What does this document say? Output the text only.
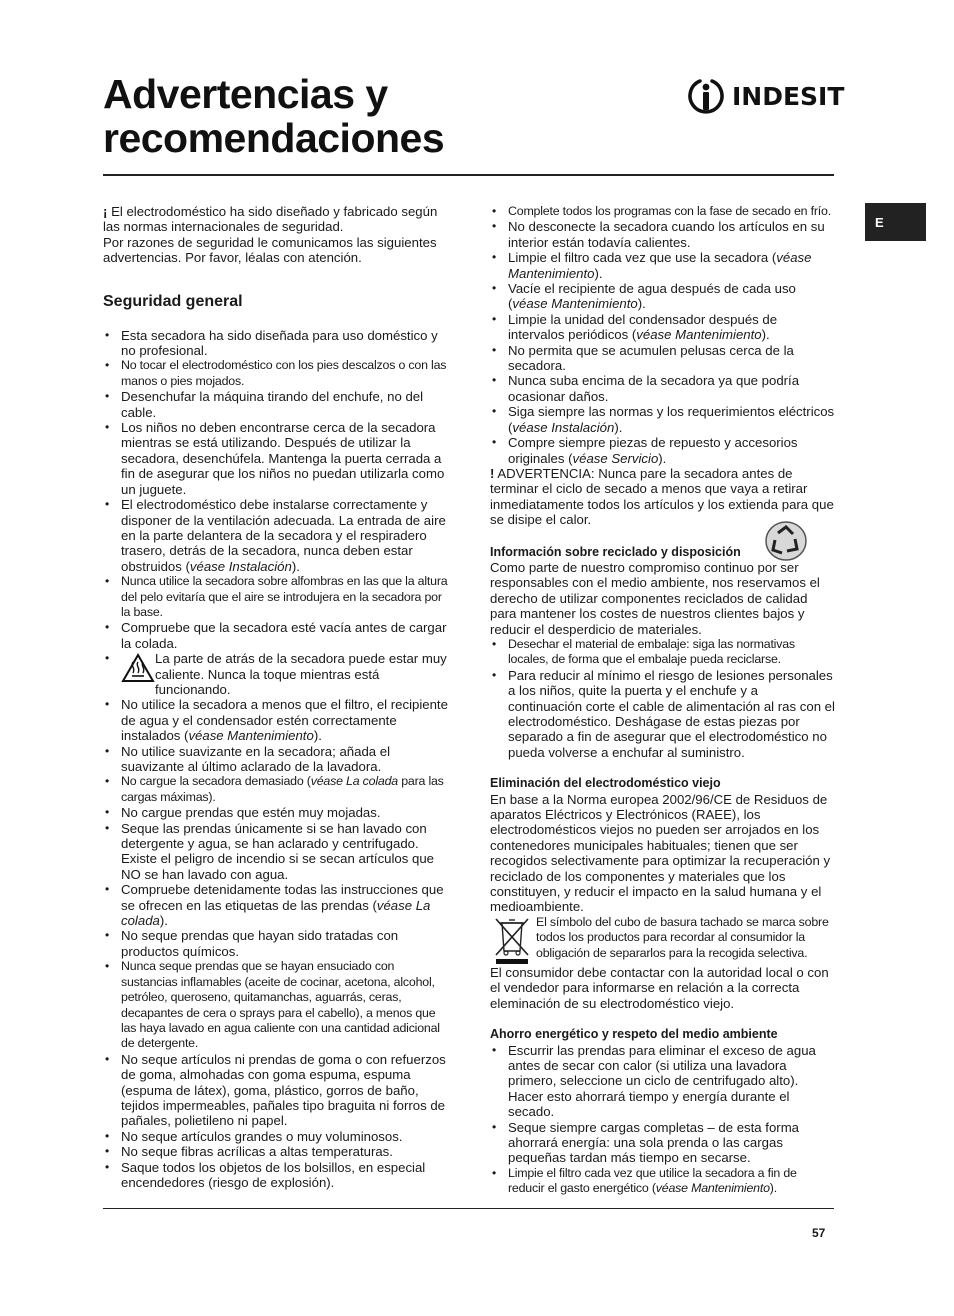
Advertencias y
recomendaciones
INDESIT
E

¡ El electrodoméstico ha sido diseñado y fabricado según las normas internacionales de seguridad.

Por razones de seguridad le comunicamos las siguientes advertencias. Por favor, léalas con atención.

Seguridad general
• Esta secadora ha sido diseñada para uso doméstico y no profesional.
• No tocar el electrodoméstico con los pies descalzos o con las manos o pies mojados.
• Desenchufar la máquina tirando del enchufe, no del cable.
• Los niños no deben encontrarse cerca de la secadora mientras se está utilizando. Después de utilizar la secadora, desenchúfela. Mantenga la puerta cerrada a fin de asegurar que los niños no puedan utilizarla como un juguete.
• El electrodoméstico debe instalarse correctamente y disponer de la ventilación adecuada. La entrada de aire en la parte delantera de la secadora y el respiradero trasero, detrás de la secadora, nunca deben estar obstruidos (véase Instalación).
• Nunca utilice la secadora sobre alfombras en las que la altura del pelo evitaría que el aire se introdujera en la secadora por la base.
• Compruebe que la secadora esté vacía antes de cargar la colada.
• La parte de atrás de la secadora puede estar muy caliente. Nunca la toque mientras está funcionando.
• No utilice la secadora a menos que el filtro, el recipiente de agua y el condensador estén correctamente instalados (véase Mantenimiento).
• No utilice suavizante en la secadora; añada el suavizante al último aclarado de la lavadora.
• No cargue la secadora demasiado (véase La colada para las cargas máximas).
• No cargue prendas que estén muy mojadas.
• Seque las prendas únicamente si se han lavado con detergente y agua, se han aclarado y centrifugado. Existe el peligro de incendio si se secan artículos que NO se han lavado con agua.
• Compruebe detenidamente todas las instrucciones que se ofrecen en las etiquetas de las prendas (véase La colada).
• No seque prendas que hayan sido tratadas con productos químicos.
• Nunca seque prendas que se hayan ensuciado con sustancias inflamables (aceite de cocinar, acetona, alcohol, petróleo, queroseno, quitamanchas, aguarrás, ceras, decapantes de cera o sprays para el cabello), a menos que las haya lavado en agua caliente con una cantidad adicional de detergente.
• No seque artículos ni prendas de goma o con refuerzos de goma, almohadas con goma espuma, espuma (espuma de látex), goma, plástico, gorros de baño, tejidos impermeables, pañales tipo braguita ni forros de pañales, polietileno ni papel.
• No seque artículos grandes o muy voluminosos.
• No seque fibras acrílicas a altas temperaturas.
• Saque todos los objetos de los bolsillos, en especial encendedores (riesgo de explosión).
• Complete todos los programas con la fase de secado en frío.
• No desconecte la secadora cuando los artículos en su interior están todavía calientes.
• Limpie el filtro cada vez que use la secadora (véase Mantenimiento).
• Vacíe el recipiente de agua después de cada uso (véase Mantenimiento).
• Limpie la unidad del condensador después de intervalos periódicos (véase Mantenimiento).
• No permita que se acumulen pelusas cerca de la secadora.
• Nunca suba encima de la secadora ya que podría ocasionar daños.
• Siga siempre las normas y los requerimientos eléctricos (véase Instalación).
• Compre siempre piezas de repuesto y accesorios originales (véase Servicio).

! ADVERTENCIA: Nunca pare la secadora antes de terminar el ciclo de secado a menos que vaya a retirar inmediatamente todos los artículos y los extienda para que se disipe el calor.

Información sobre reciclado y disposición

Como parte de nuestro compromiso continuo por ser responsables con el medio ambiente, nos reservamos el derecho de utilizar componentes reciclados de calidad para mantener los costes de nuestros clientes bajos y reducir el desperdicio de materiales.

• Desechar el material de embalaje: siga las normativas locales, de forma que el embalaje pueda reciclarse.
• Para reducir al mínimo el riesgo de lesiones personales a los niños, quite la puerta y el enchufe y a continuación corte el cable de alimentación al ras con el electrodoméstico. Deshágase de estas piezas por separado a fin de asegurar que el electrodoméstico no pueda volverse a enchufar al suministro.
Eliminación del electrodoméstico viejo

En base a la Norma europea 2002/96/CE de Residuos de aparatos Eléctricos y Electrónicos (RAEE), los electrodomésticos viejos no pueden ser arrojados en los contenedores municipales habituales; tienen que ser recogidos selectivamente para optimizar la recuperación y reciclado de los componentes y materiales que los constituyen, y reducir el impacto en la salud humana y el medioambiente.

El símbolo del cubo de basura tachado se marca sobre todos los productos para recordar al consumidor la obligación de separarlos para la recogida selectiva.

El consumidor debe contactar con la autoridad local o con el vendedor para informarse en relación a la correcta eleminación de su electrodoméstico viejo.

Ahorro energético y respeto del medio ambiente
• Escurrir las prendas para eliminar el exceso de agua antes de secar con calor (si utiliza una lavadora primero, seleccione un ciclo de centrifugado alto). Hacer esto ahorrará tiempo y energía durante el secado.
• Seque siempre cargas completas – de esta forma ahorrará energía: una sola prenda o las cargas pequeñas tardan más tiempo en secarse.
• Limpie el filtro cada vez que utilice la secadora a fin de reducir el gasto energético (véase Mantenimiento).
57
